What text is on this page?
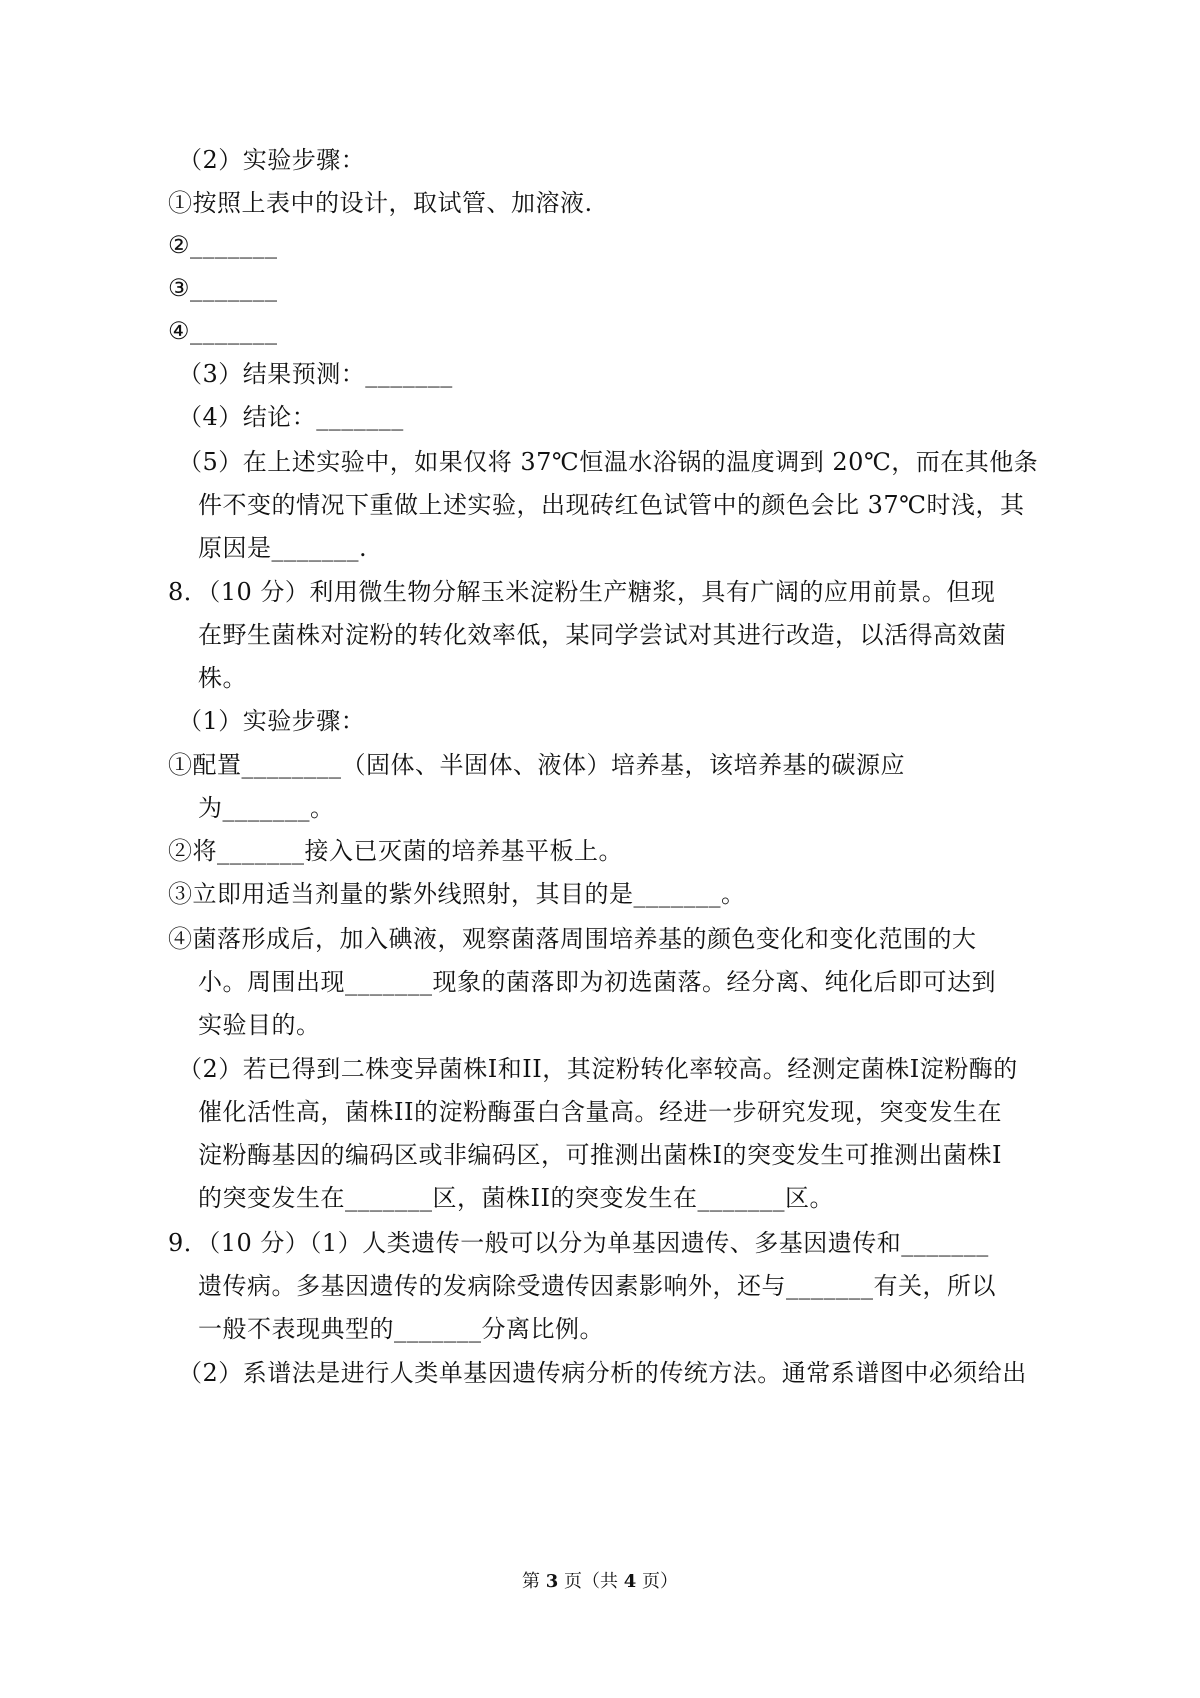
（2）实验步骤：
①按照上表中的设计，取试管、加溶液.
②_______
③_______
④_______
（3）结果预测：_______
（4）结论：_______
（5）在上述实验中，如果仅将 37℃恒温水浴锅的温度调到 20℃，而在其他条
件不变的情况下重做上述实验，出现砖红色试管中的颜色会比 37℃时浅，其
原因是_______.
8．（10 分）利用微生物分解玉米淀粉生产糖浆，具有广阔的应用前景。但现
在野生菌株对淀粉的转化效率低，某同学尝试对其进行改造，以活得高效菌
株。
（1）实验步骤：
①配置________（固体、半固体、液体）培养基，该培养基的碳源应
为_______。
②将_______接入已灭菌的培养基平板上。
③立即用适当剂量的紫外线照射，其目的是_______。
④菌落形成后，加入碘液，观察菌落周围培养基的颜色变化和变化范围的大
小。周围出现_______现象的菌落即为初选菌落。经分离、纯化后即可达到
实验目的。
（2）若已得到二株变异菌株I和II，其淀粉转化率较高。经测定菌株I淀粉酶的
催化活性高，菌株II的淀粉酶蛋白含量高。经进一步研究发现，突变发生在
淀粉酶基因的编码区或非编码区，可推测出菌株I的突变发生可推测出菌株I
的突变发生在_______区，菌株II的突变发生在_______区。
9．（10 分）（1）人类遗传一般可以分为单基因遗传、多基因遗传和_______
遗传病。多基因遗传的发病除受遗传因素影响外，还与_______有关，所以
一般不表现典型的_______分离比例。
（2）系谱法是进行人类单基因遗传病分析的传统方法。通常系谱图中必须给出
第 3 页（共 4 页）
